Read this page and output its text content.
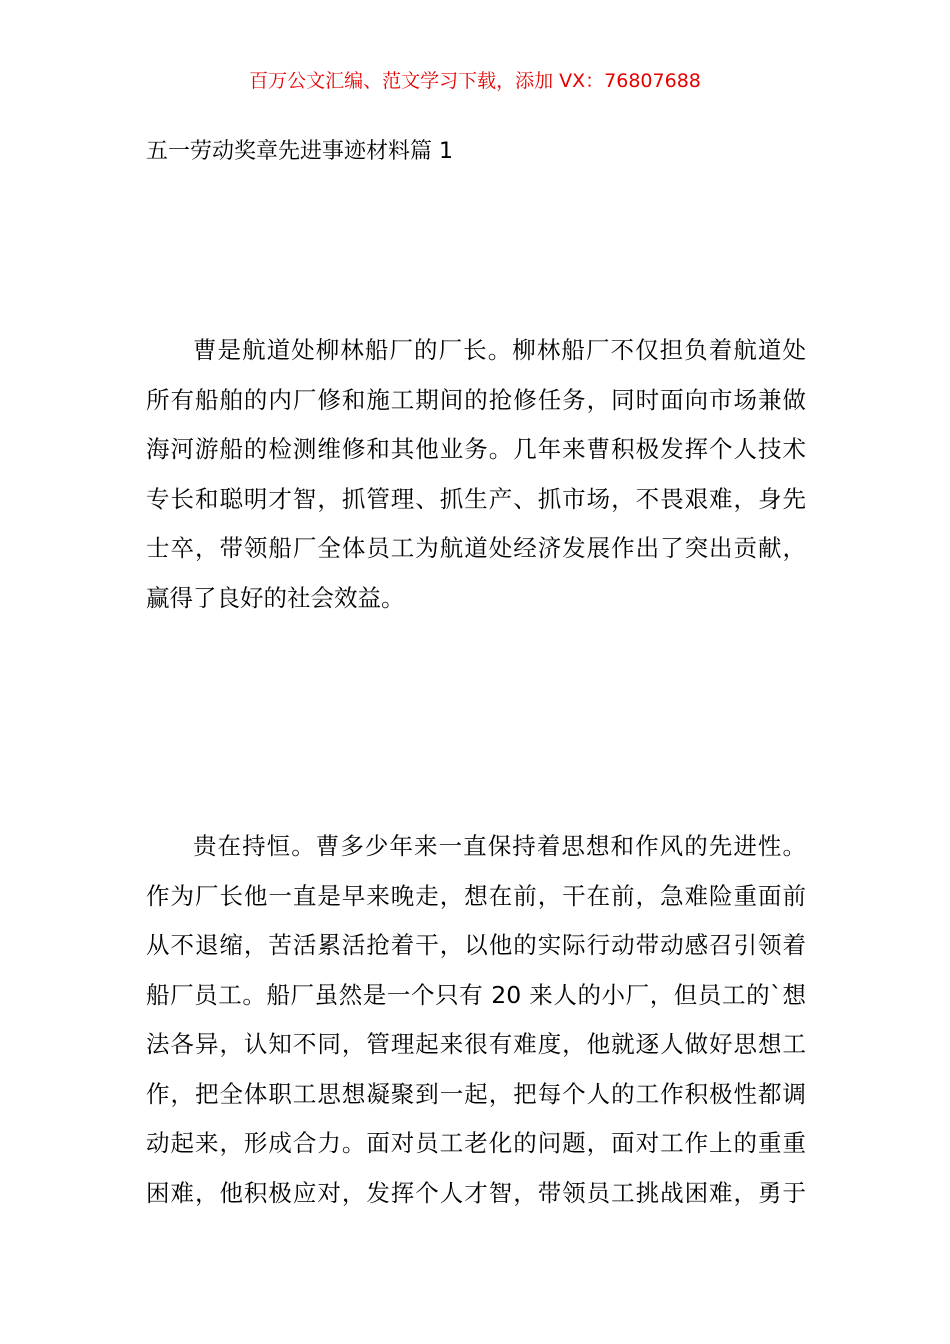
百万公文汇编、范文学习下载，添加 VX：76807688
五一劳动奖章先进事迹材料篇 1
曹是航道处柳林船厂的厂长。柳林船厂不仅担负着航道处
所有船舶的内厂修和施工期间的抢修任务，同时面向市场兼做
海河游船的检测维修和其他业务。几年来曹积极发挥个人技术
专长和聪明才智，抓管理、抓生产、抓市场，不畏艰难，身先
士卒，带领船厂全体员工为航道处经济发展作出了突出贡献，
赢得了良好的社会效益。
贵在持恒。曹多少年来一直保持着思想和作风的先进性。
作为厂长他一直是早来晚走，想在前，干在前，急难险重面前
从不退缩，苦活累活抢着干，以他的实际行动带动感召引领着
船厂员工。船厂虽然是一个只有 20 来人的小厂，但员工的`想
法各异，认知不同，管理起来很有难度，他就逐人做好思想工
作，把全体职工思想凝聚到一起，把每个人的工作积极性都调
动起来，形成合力。面对员工老化的问题，面对工作上的重重
困难，他积极应对，发挥个人才智，带领员工挑战困难，勇于
